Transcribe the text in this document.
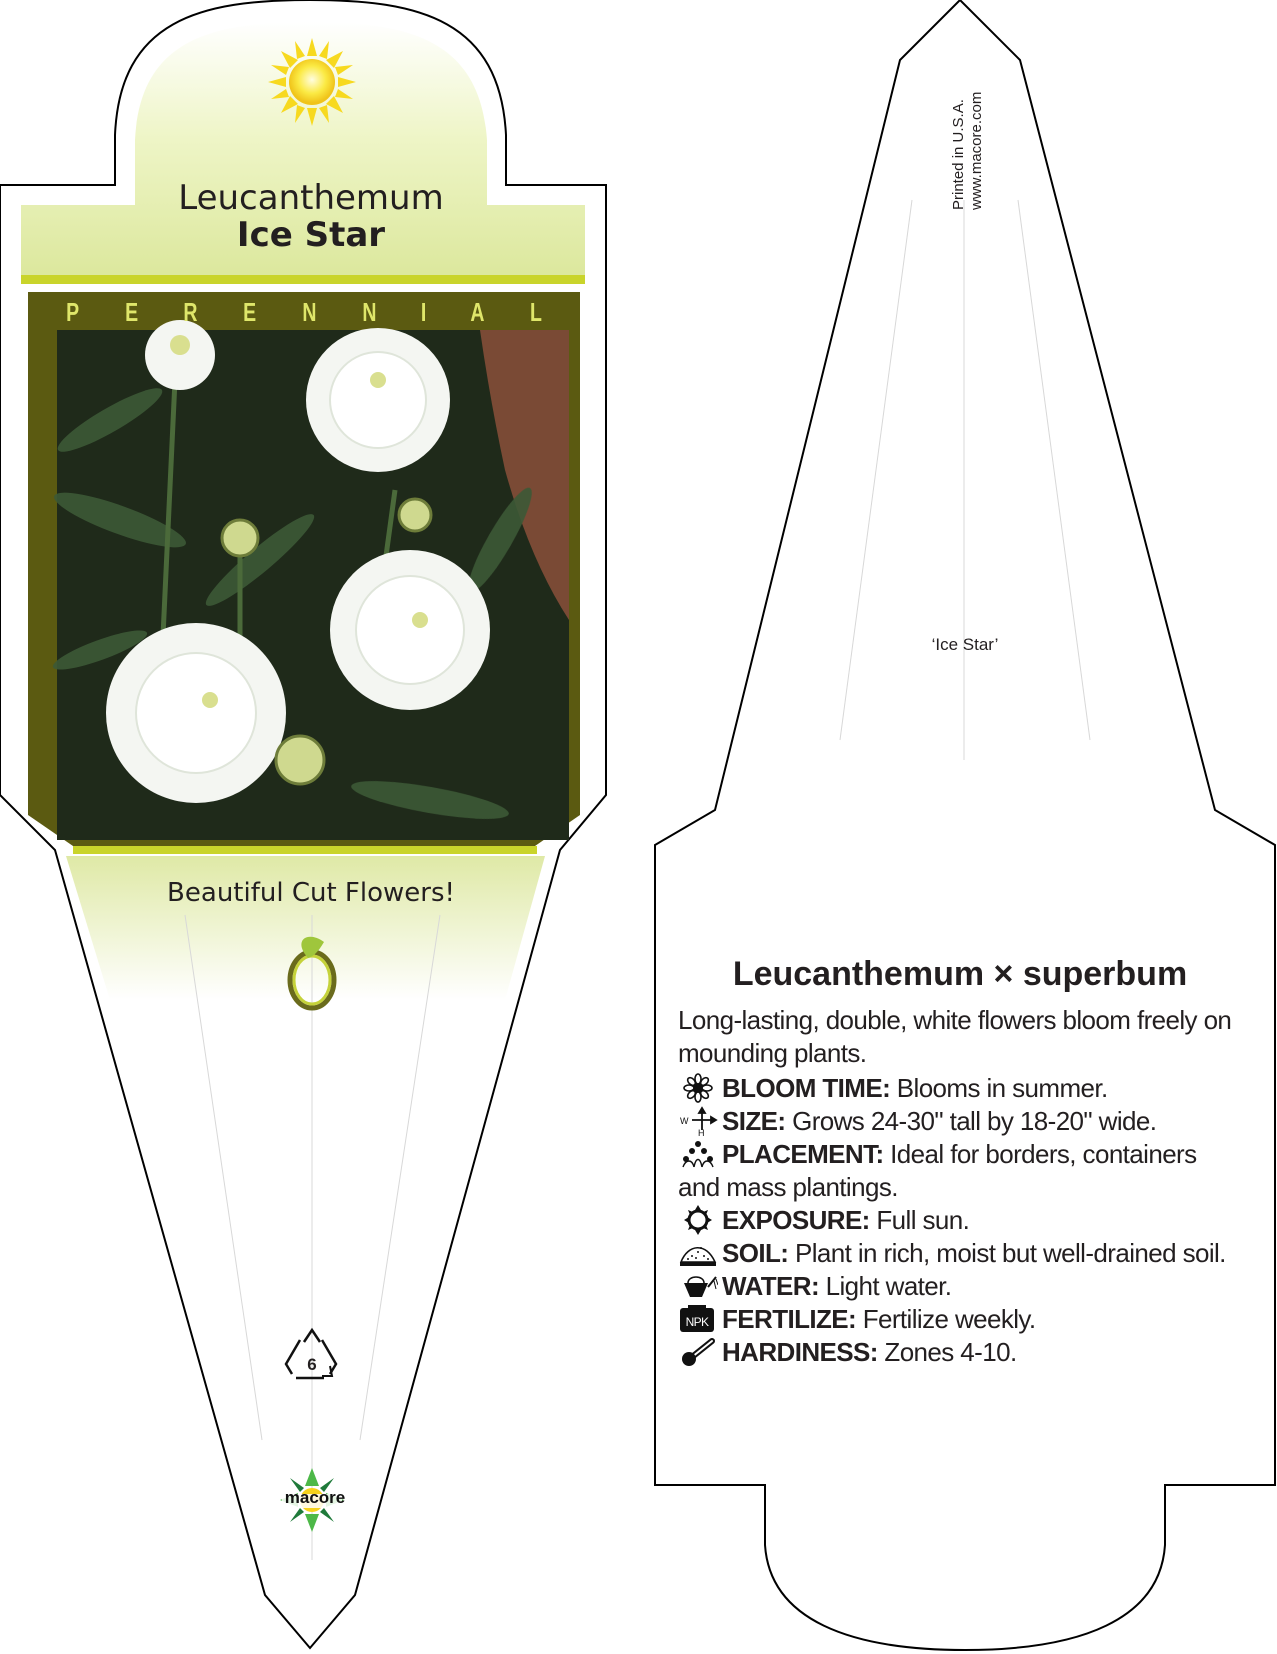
Leucanthemum
Ice Star
P E R E N N I A L
Beautiful Cut Flowers!
6
macore
Printed in U.S.A. www.macore.com
‘Ice Star’
Leucanthemum × superbum
Long-lasting, double, white flowers bloom freely on mounding plants.
BLOOM TIME: Blooms in summer.
W
H SIZE: Grows 24-30" tall by 18-20" wide.
PLACEMENT: Ideal for borders, containers and mass plantings.
EXPOSURE: Full sun.
SOIL: Plant in rich, moist but well-drained soil.
WATER: Light water.
NPK FERTILIZE: Fertilize weekly.
HARDINESS: Zones 4-10.
